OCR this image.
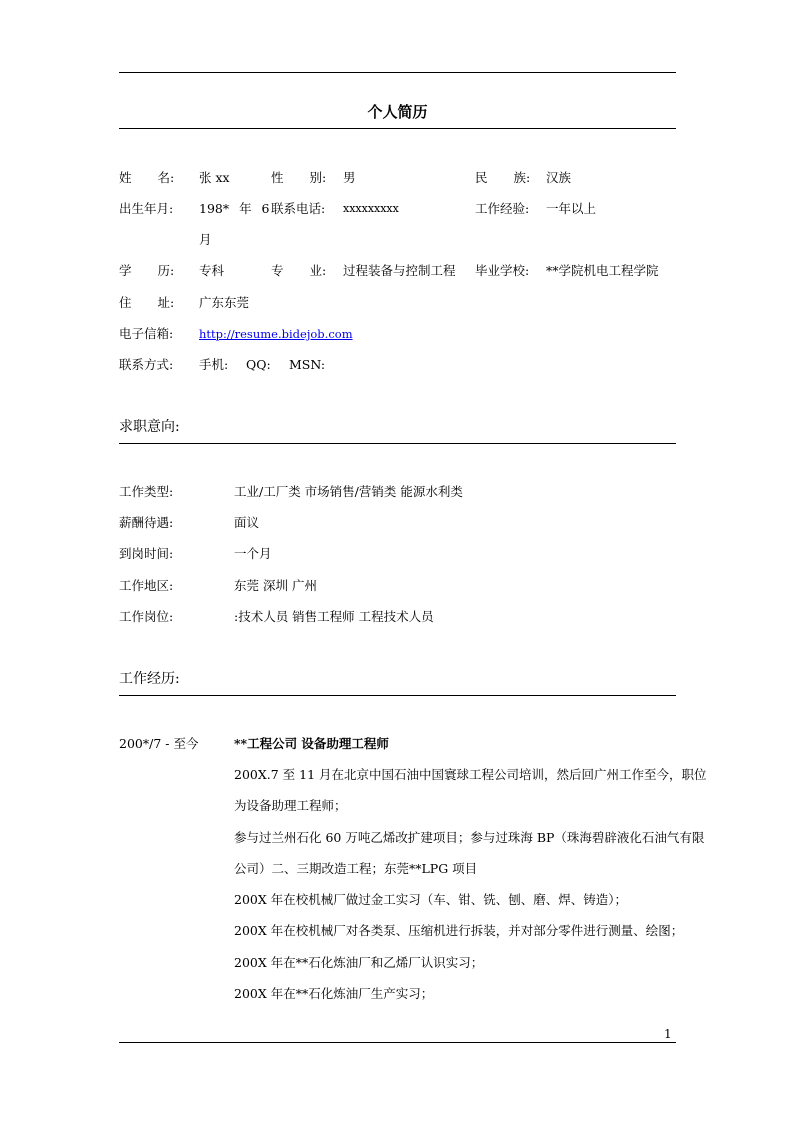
个人简历
姓 名: 张 xx	性 别: 男	民 族: 汉族
出生年月: 198* 年 6
月
联系电话: xxxxxxxxx	工作经验: 一年以上
学 历: 专科	专 业: 过程装备与控制工程 毕业学校: **学院机电工程学院
住 址: 广东东莞
电子信箱: http://resume.bidejob.com
联系方式: 手机: QQ: MSN:
求职意向:
工作类型:	工业/工厂类 市场销售/营销类 能源水利类
薪酬待遇:	面议
到岗时间:	一个月
工作地区:	东莞 深圳 广州
工作岗位:	:技术人员 销售工程师 工程技术人员
工作经历:
200*/7 - 至今	**工程公司 设备助理工程师
200X.7 至 11 月在北京中国石油中国寰球工程公司培训，然后回广州工作至今，职位
为设备助理工程师；
参与过兰州石化 60 万吨乙烯改扩建项目；参与过珠海 BP（珠海碧辟液化石油气有限
公司）二、三期改造工程；东莞**LPG 项目
200X 年在校机械厂做过金工实习（车、钳、铣、刨、磨、焊、铸造）；
200X 年在校机械厂对各类泵、压缩机进行拆装，并对部分零件进行测量、绘图；
200X 年在**石化炼油厂和乙烯厂认识实习；
200X 年在**石化炼油厂生产实习；
1
